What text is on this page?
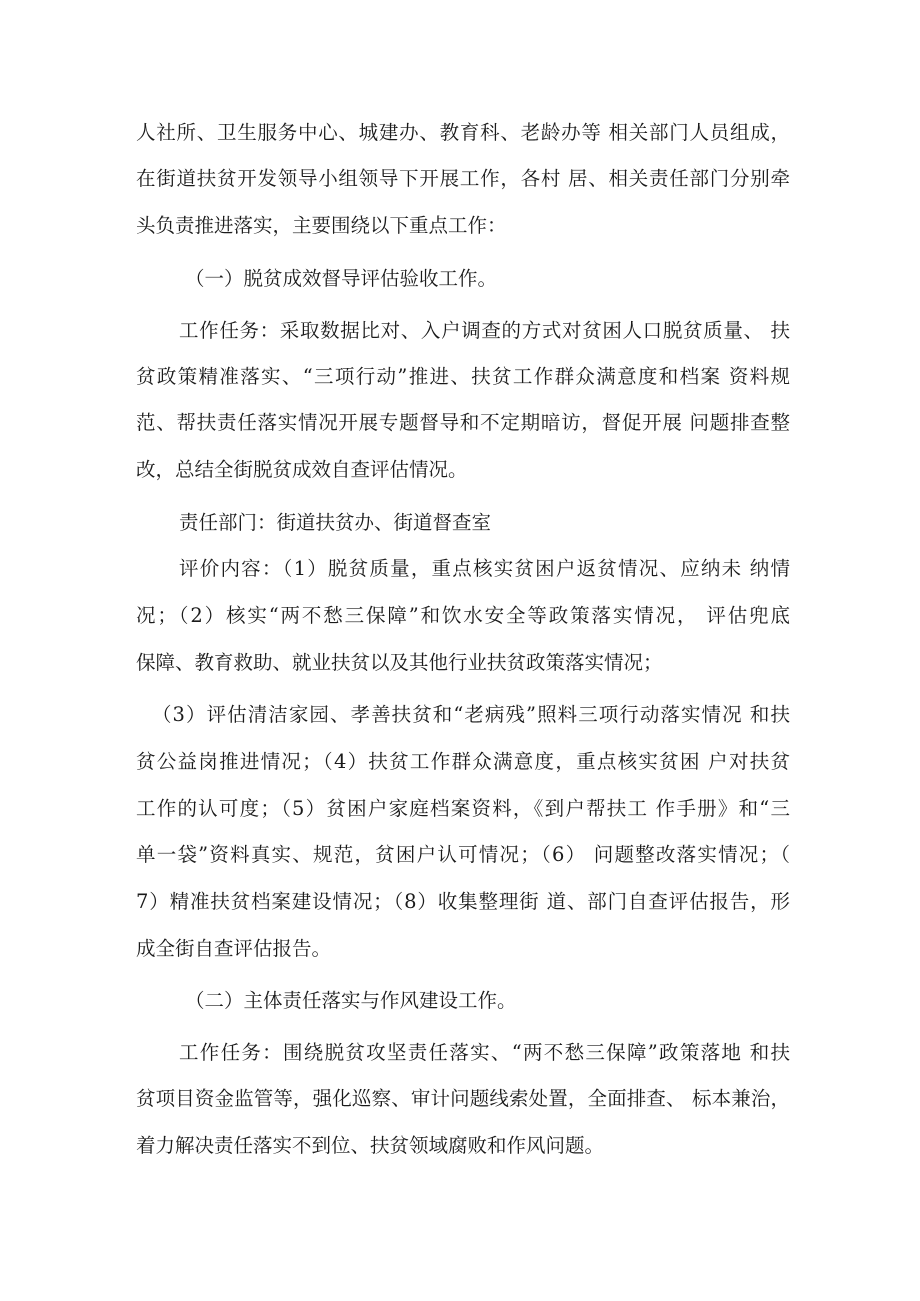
人社所、卫生服务中心、城建办、教育科、老龄办等 相关部门人员组成，
在街道扶贫开发领导小组领导下开展工作，各村 居、相关责任部门分别牵
头负责推进落实，主要围绕以下重点工作：
（一）脱贫成效督导评估验收工作。
工作任务：采取数据比对、入户调查的方式对贫困人口脱贫质量、 扶
贫政策精准落实、“三项行动”推进、扶贫工作群众满意度和档案 资料规
范、帮扶责任落实情况开展专题督导和不定期暗访，督促开展 问题排查整
改，总结全街脱贫成效自查评估情况。
责任部门：街道扶贫办、街道督查室
评价内容：（1）脱贫质量，重点核实贫困户返贫情况、应纳未 纳情
况；（2）核实“两不愁三保障”和饮水安全等政策落实情况， 评估兜底
保障、教育救助、就业扶贫以及其他行业扶贫政策落实情况；
（3）评估清洁家园、孝善扶贫和“老病残”照料三项行动落实情况 和扶
贫公益岗推进情况；（4）扶贫工作群众满意度，重点核实贫困 户对扶贫
工作的认可度；（5）贫困户家庭档案资料，《到户帮扶工 作手册》和“三
单一袋”资料真实、规范，贫困户认可情况；（6） 问题整改落实情况；（
7）精准扶贫档案建设情况；（8）收集整理街 道、部门自查评估报告，形
成全街自查评估报告。
（二）主体责任落实与作风建设工作。
工作任务：围绕脱贫攻坚责任落实、“两不愁三保障”政策落地 和扶
贫项目资金监管等，强化巡察、审计问题线索处置，全面排查、 标本兼治，
着力解决责任落实不到位、扶贫领域腐败和作风问题。
